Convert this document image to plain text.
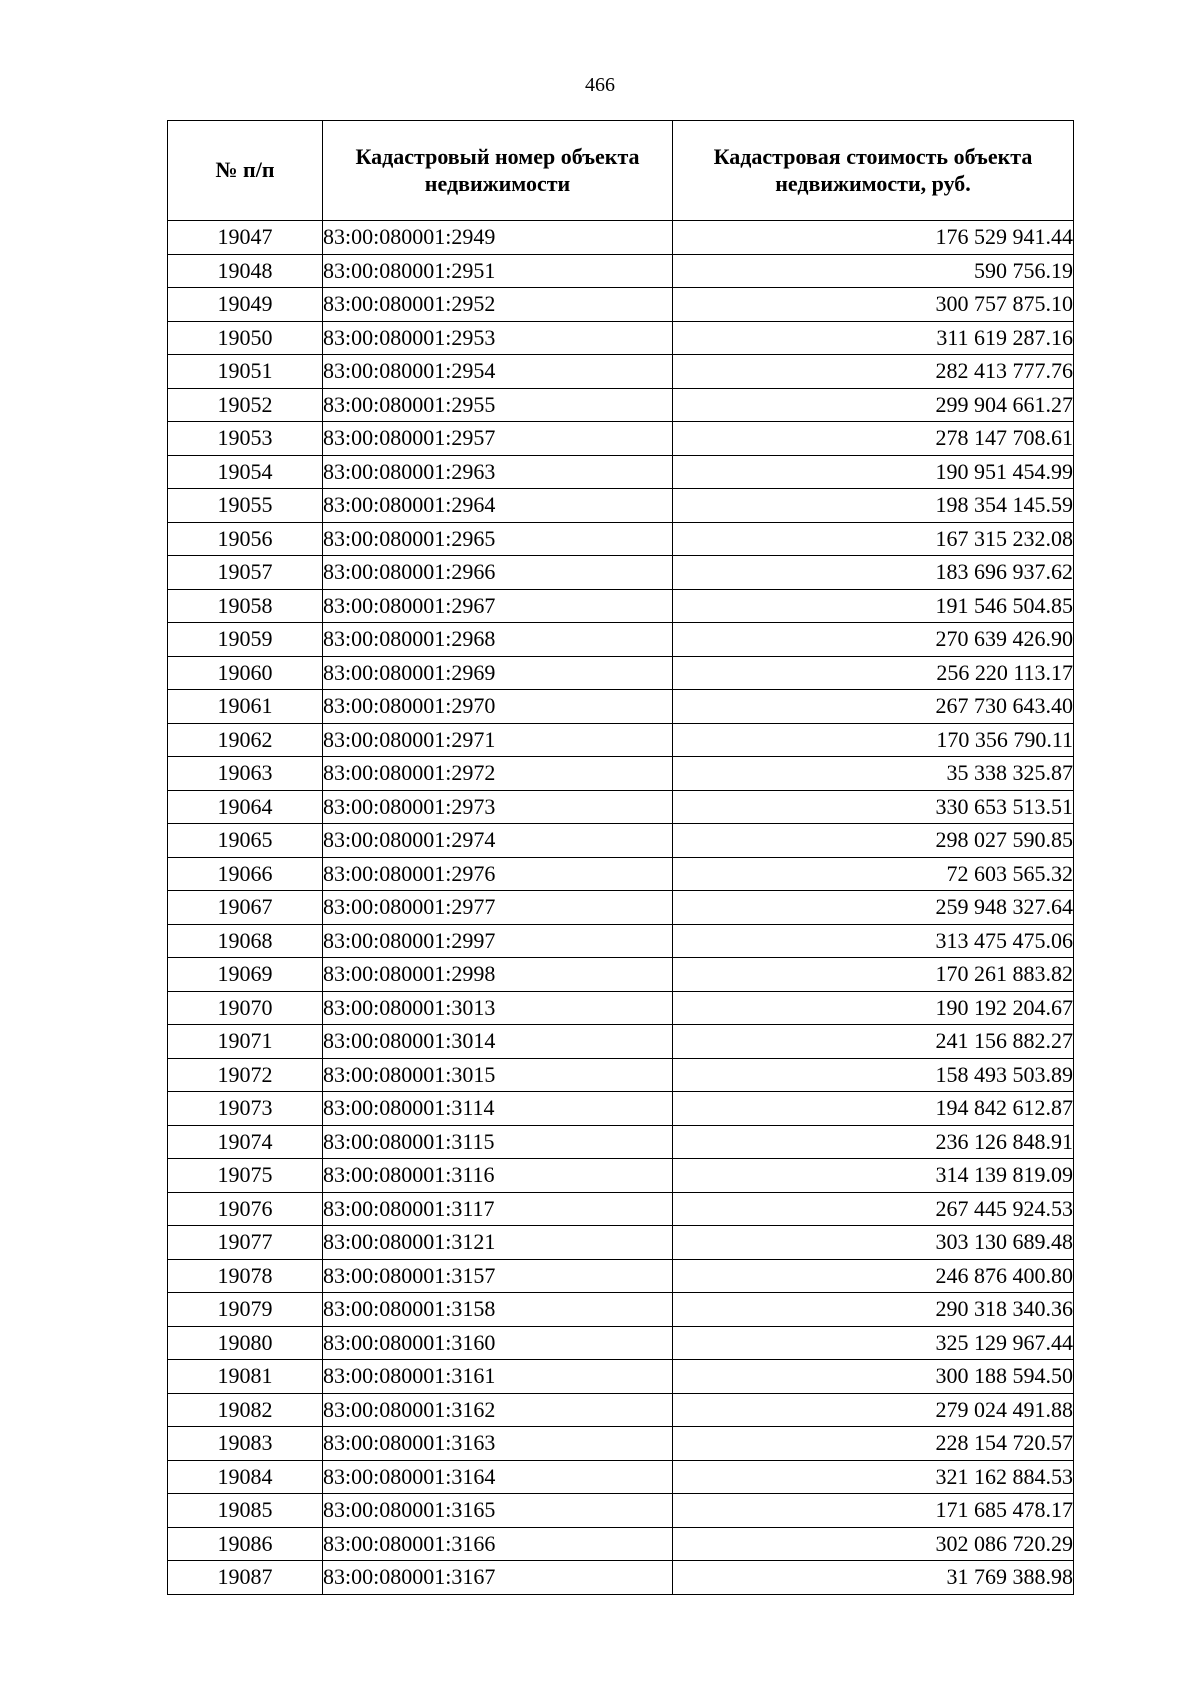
466
№ п/п	Кадастровый номер объекта недвижимости	Кадастровая стоимость объекта недвижимости, руб.
19047	83:00:080001:2949	176 529 941.44
19048	83:00:080001:2951	590 756.19
19049	83:00:080001:2952	300 757 875.10
19050	83:00:080001:2953	311 619 287.16
19051	83:00:080001:2954	282 413 777.76
19052	83:00:080001:2955	299 904 661.27
19053	83:00:080001:2957	278 147 708.61
19054	83:00:080001:2963	190 951 454.99
19055	83:00:080001:2964	198 354 145.59
19056	83:00:080001:2965	167 315 232.08
19057	83:00:080001:2966	183 696 937.62
19058	83:00:080001:2967	191 546 504.85
19059	83:00:080001:2968	270 639 426.90
19060	83:00:080001:2969	256 220 113.17
19061	83:00:080001:2970	267 730 643.40
19062	83:00:080001:2971	170 356 790.11
19063	83:00:080001:2972	35 338 325.87
19064	83:00:080001:2973	330 653 513.51
19065	83:00:080001:2974	298 027 590.85
19066	83:00:080001:2976	72 603 565.32
19067	83:00:080001:2977	259 948 327.64
19068	83:00:080001:2997	313 475 475.06
19069	83:00:080001:2998	170 261 883.82
19070	83:00:080001:3013	190 192 204.67
19071	83:00:080001:3014	241 156 882.27
19072	83:00:080001:3015	158 493 503.89
19073	83:00:080001:3114	194 842 612.87
19074	83:00:080001:3115	236 126 848.91
19075	83:00:080001:3116	314 139 819.09
19076	83:00:080001:3117	267 445 924.53
19077	83:00:080001:3121	303 130 689.48
19078	83:00:080001:3157	246 876 400.80
19079	83:00:080001:3158	290 318 340.36
19080	83:00:080001:3160	325 129 967.44
19081	83:00:080001:3161	300 188 594.50
19082	83:00:080001:3162	279 024 491.88
19083	83:00:080001:3163	228 154 720.57
19084	83:00:080001:3164	321 162 884.53
19085	83:00:080001:3165	171 685 478.17
19086	83:00:080001:3166	302 086 720.29
19087	83:00:080001:3167	31 769 388.98
